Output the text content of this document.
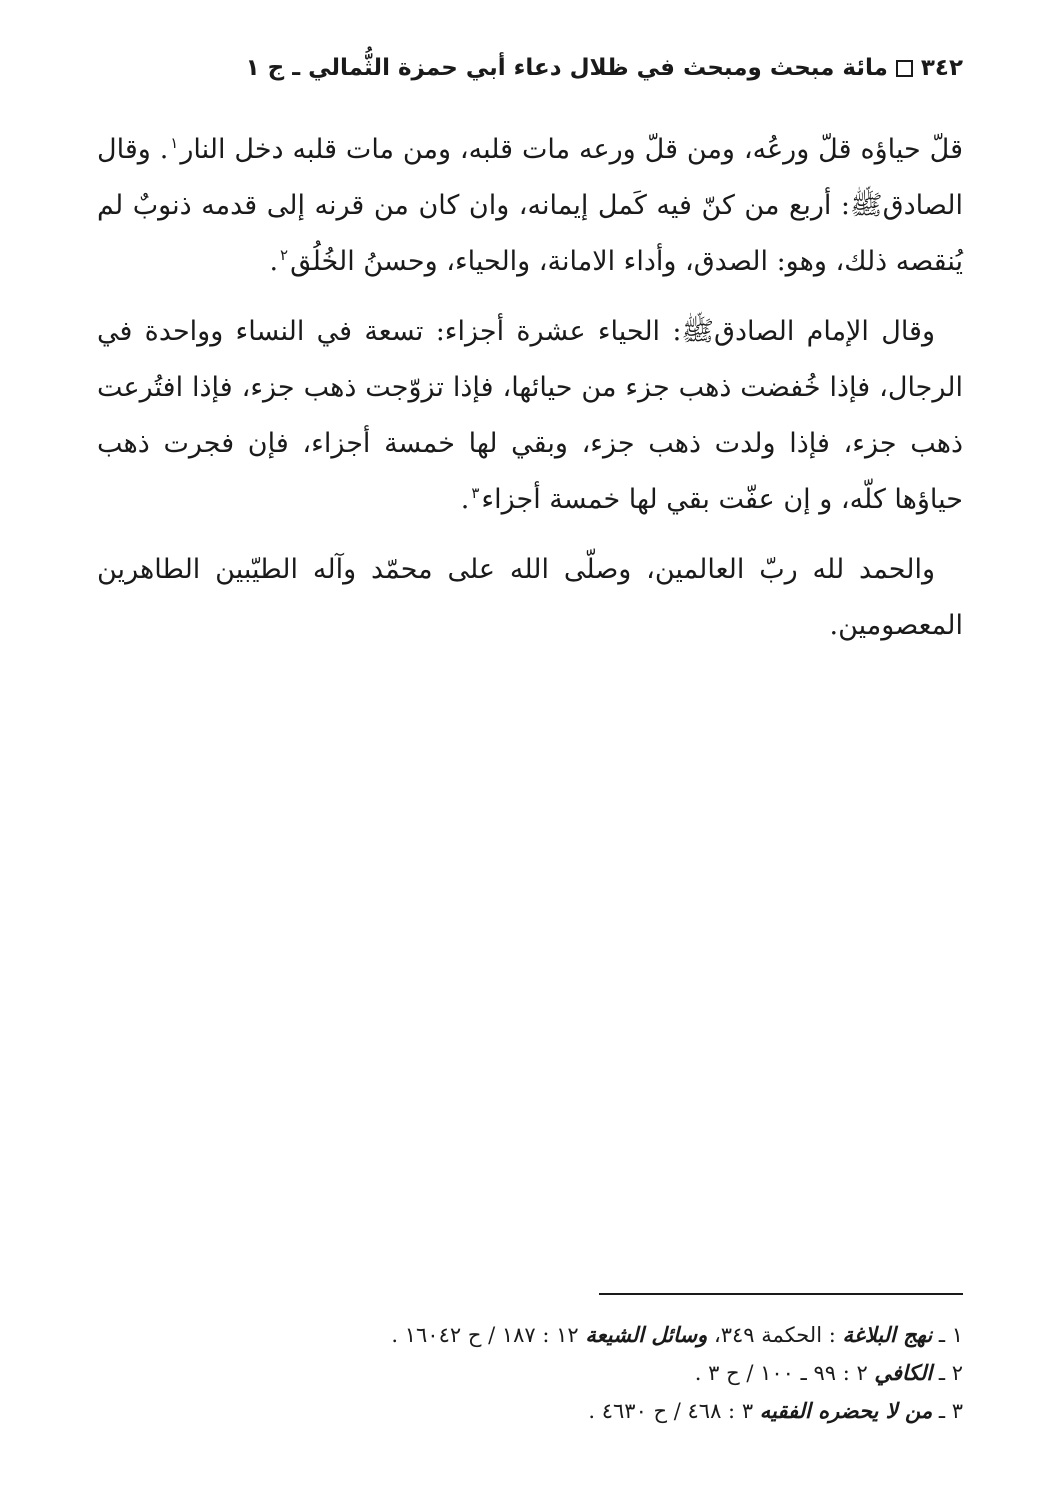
٣٤٢
مائة مبحث ومبحث في ظلال دعاء أبي حمزة الثُّمالي ـ ج ١

قلّ حياؤه قلّ ورعُه، ومن قلّ ورعه مات قلبه، ومن مات قلبه دخل النار$^١$. وقال الصادقﷺ: أربع من كنّ فيه كَمل إيمانه، وان كان من قرنه إلى قدمه ذنوبٌ لم يُنقصه ذلك، وهو: الصدق، وأداء الامانة، والحياء، وحسنُ الخُلُق$^٢$.

وقال الإمام الصادقﷺ: الحياء عشرة أجزاء: تسعة في النساء وواحدة في الرجال، فإذا خُفضت ذهب جزء من حيائها، فإذا تزوّجت ذهب جزء، فإذا افتُرعت ذهب جزء، فإذا ولدت ذهب جزء، وبقي لها خمسة أجزاء، فإن فجرت ذهب حياؤها كلّه، و إن عفّت بقي لها خمسة أجزاء$^٣$.

والحمد لله ربّ العالمين، وصلّى الله على محمّد وآله الطيّبين الطاهرين المعصومين.

١ ـ نهج البلاغة : الحكمة ٣٤٩، وسائل الشيعة ١٢ : ١٨٧ / ح ١٦٠٤٢ .
٢ ـ الكافي ٢ : ٩٩ ـ ١٠٠ / ح ٣ .
٣ ـ من لا يحضره الفقيه ٣ : ٤٦٨ / ح ٤٦٣٠ .
